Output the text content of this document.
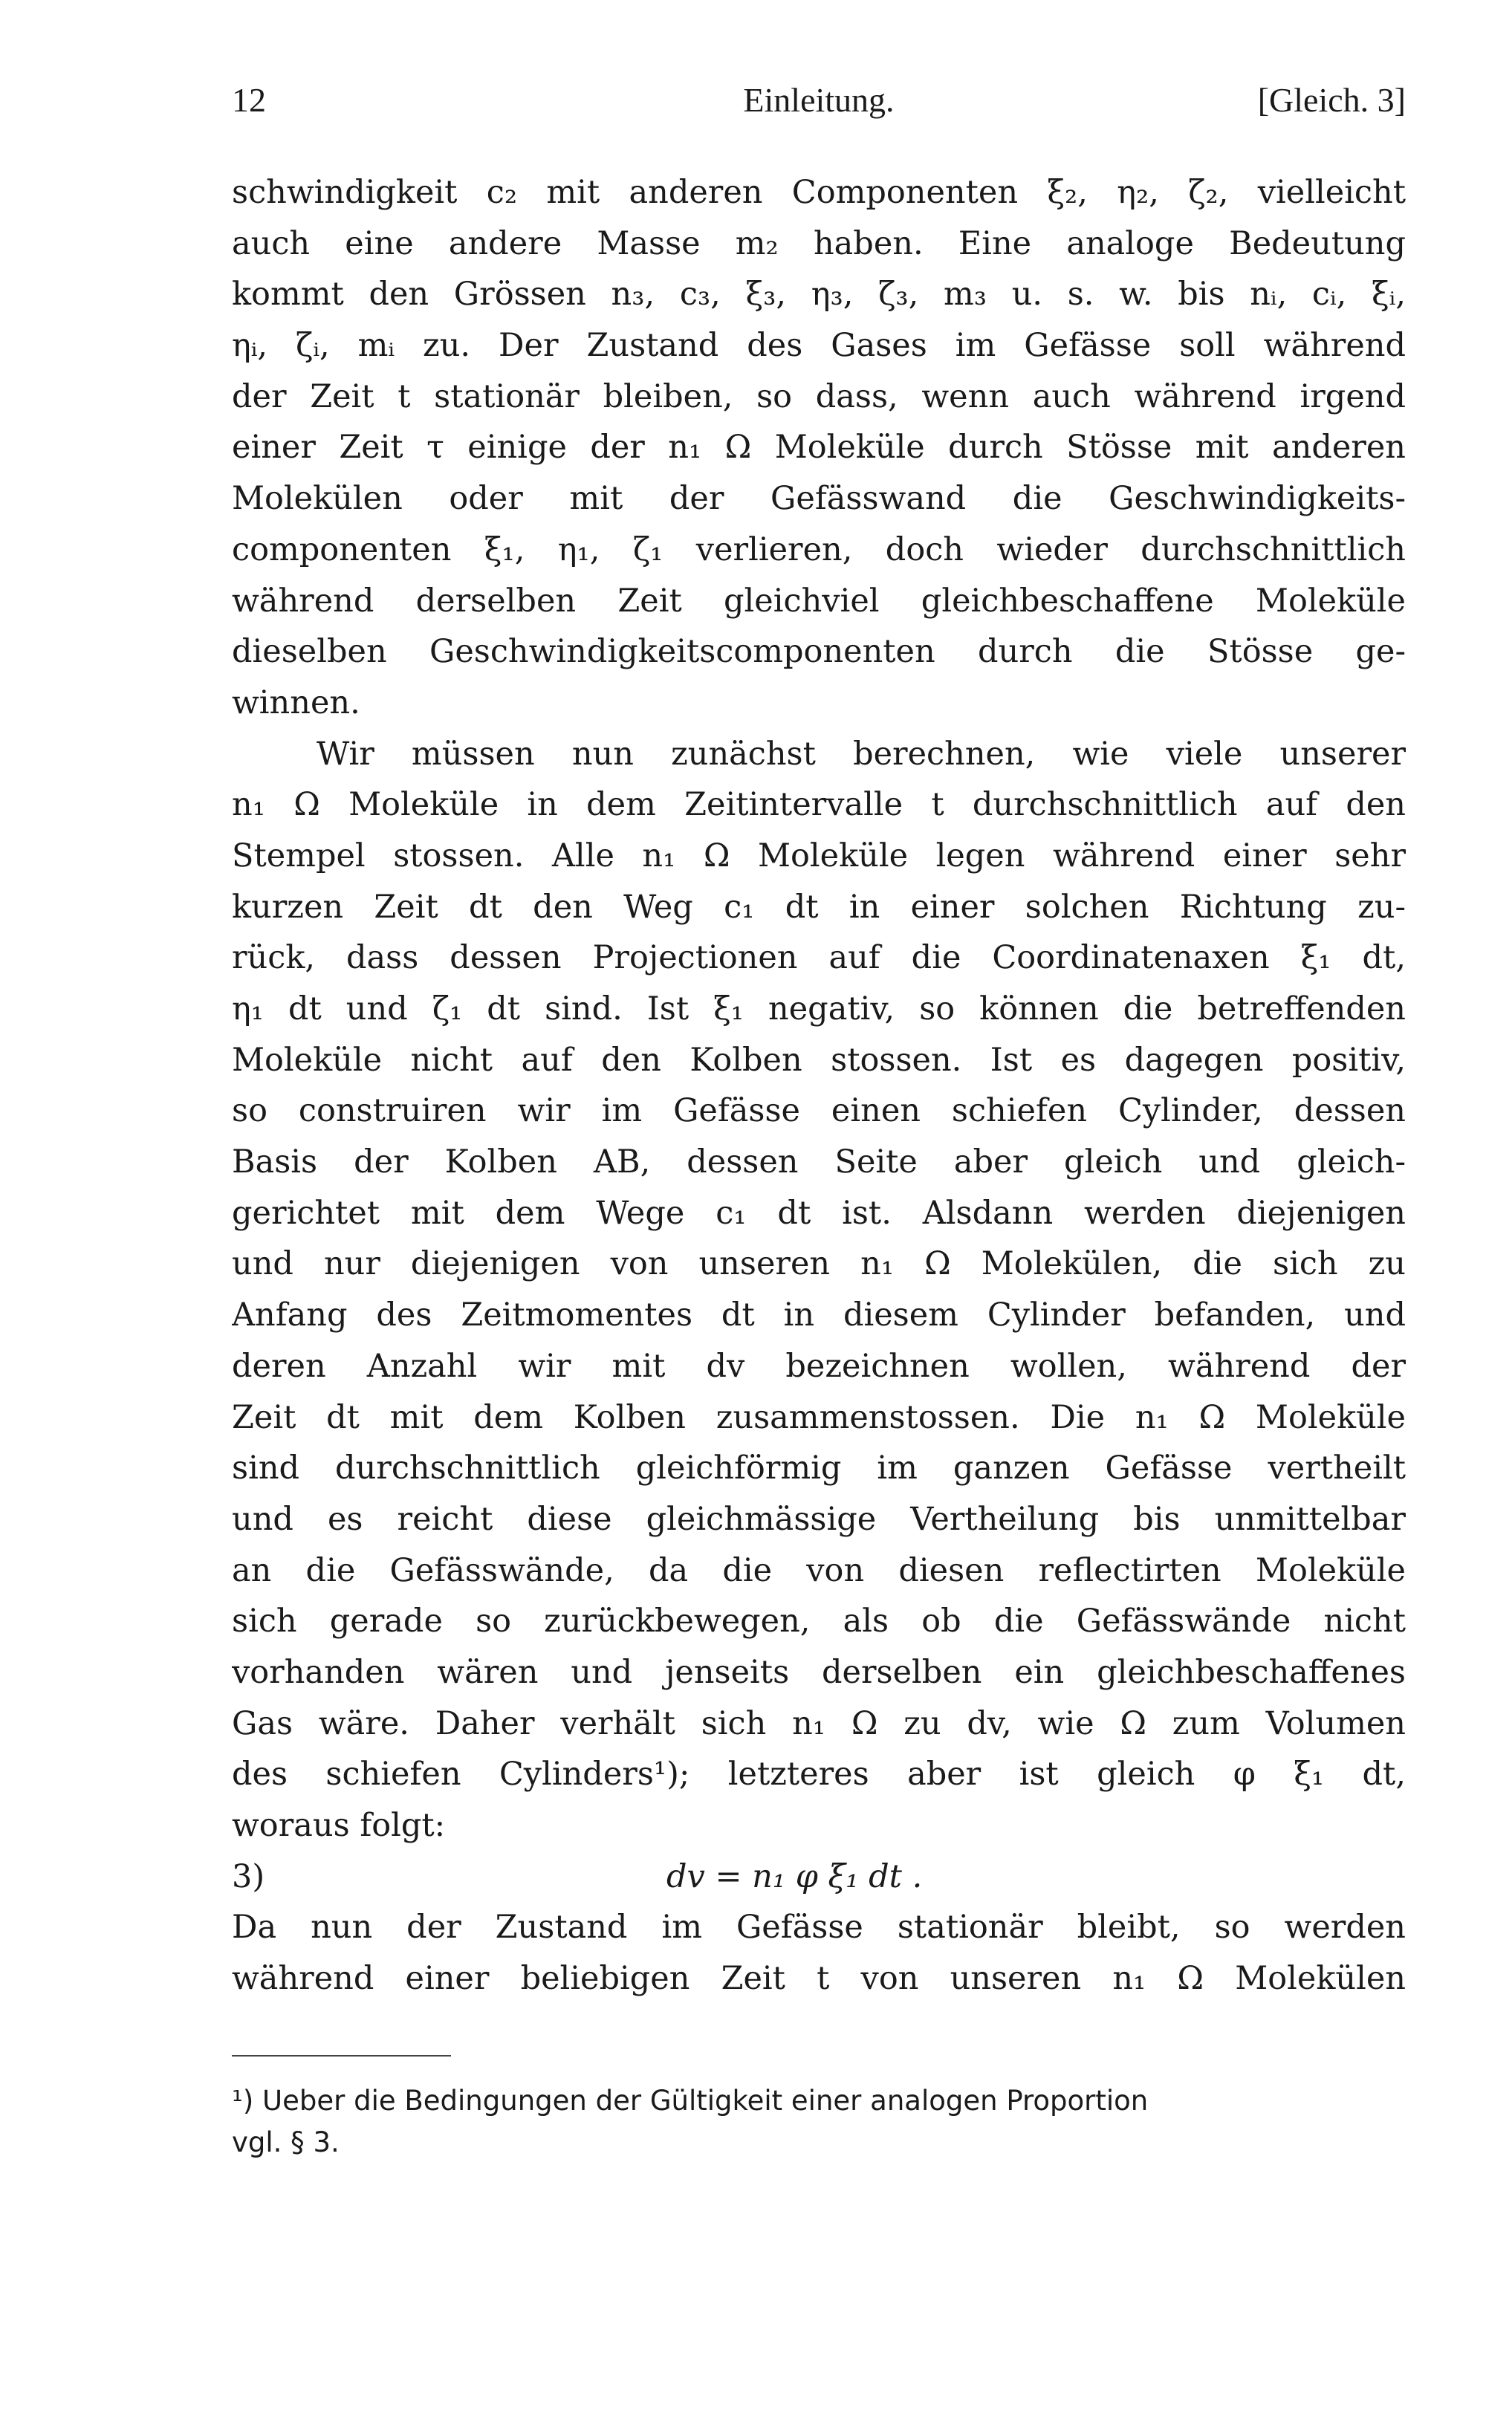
12	Einleitung.	[Gleich. 3]
schwindigkeit c₂ mit anderen Componenten ξ₂, η₂, ζ₂, vielleicht
auch eine andere Masse m₂ haben. Eine analoge Bedeutung
kommt den Grössen n₃, c₃, ξ₃, η₃, ζ₃, m₃ u. s. w. bis nᵢ, cᵢ, ξᵢ,
ηᵢ, ζᵢ, mᵢ zu. Der Zustand des Gases im Gefässe soll während
der Zeit t stationär bleiben, so dass, wenn auch während irgend
einer Zeit τ einige der n₁ Ω Moleküle durch Stösse mit anderen
Molekülen oder mit der Gefässwand die Geschwindigkeits-
componenten ξ₁, η₁, ζ₁ verlieren, doch wieder durchschnittlich
während derselben Zeit gleichviel gleichbeschaffene Moleküle
dieselben Geschwindigkeitscomponenten durch die Stösse ge-
winnen.
Wir müssen nun zunächst berechnen, wie viele unserer
n₁ Ω Moleküle in dem Zeitintervalle t durchschnittlich auf den
Stempel stossen. Alle n₁ Ω Moleküle legen während einer sehr
kurzen Zeit dt den Weg c₁ dt in einer solchen Richtung zu-
rück, dass dessen Projectionen auf die Coordinatenaxen ξ₁ dt,
η₁ dt und ζ₁ dt sind. Ist ξ₁ negativ, so können die betreffenden
Moleküle nicht auf den Kolben stossen. Ist es dagegen positiv,
so construiren wir im Gefässe einen schiefen Cylinder, dessen
Basis der Kolben AB, dessen Seite aber gleich und gleich-
gerichtet mit dem Wege c₁ dt ist. Alsdann werden diejenigen
und nur diejenigen von unseren n₁ Ω Molekülen, die sich zu
Anfang des Zeitmomentes dt in diesem Cylinder befanden, und
deren Anzahl wir mit dv bezeichnen wollen, während der
Zeit dt mit dem Kolben zusammenstossen. Die n₁ Ω Moleküle
sind durchschnittlich gleichförmig im ganzen Gefässe vertheilt
und es reicht diese gleichmässige Vertheilung bis unmittelbar
an die Gefässwände, da die von diesen reflectirten Moleküle
sich gerade so zurückbewegen, als ob die Gefässwände nicht
vorhanden wären und jenseits derselben ein gleichbeschaffenes
Gas wäre. Daher verhält sich n₁ Ω zu dv, wie Ω zum Volumen
des schiefen Cylinders¹); letzteres aber ist gleich φ ξ₁ dt,
woraus folgt:
3)	dv = n₁ φ ξ₁ dt .
Da nun der Zustand im Gefässe stationär bleibt, so werden
während einer beliebigen Zeit t von unseren n₁ Ω Molekülen
¹) Ueber die Bedingungen der Gültigkeit einer analogen Proportion
vgl. § 3.
